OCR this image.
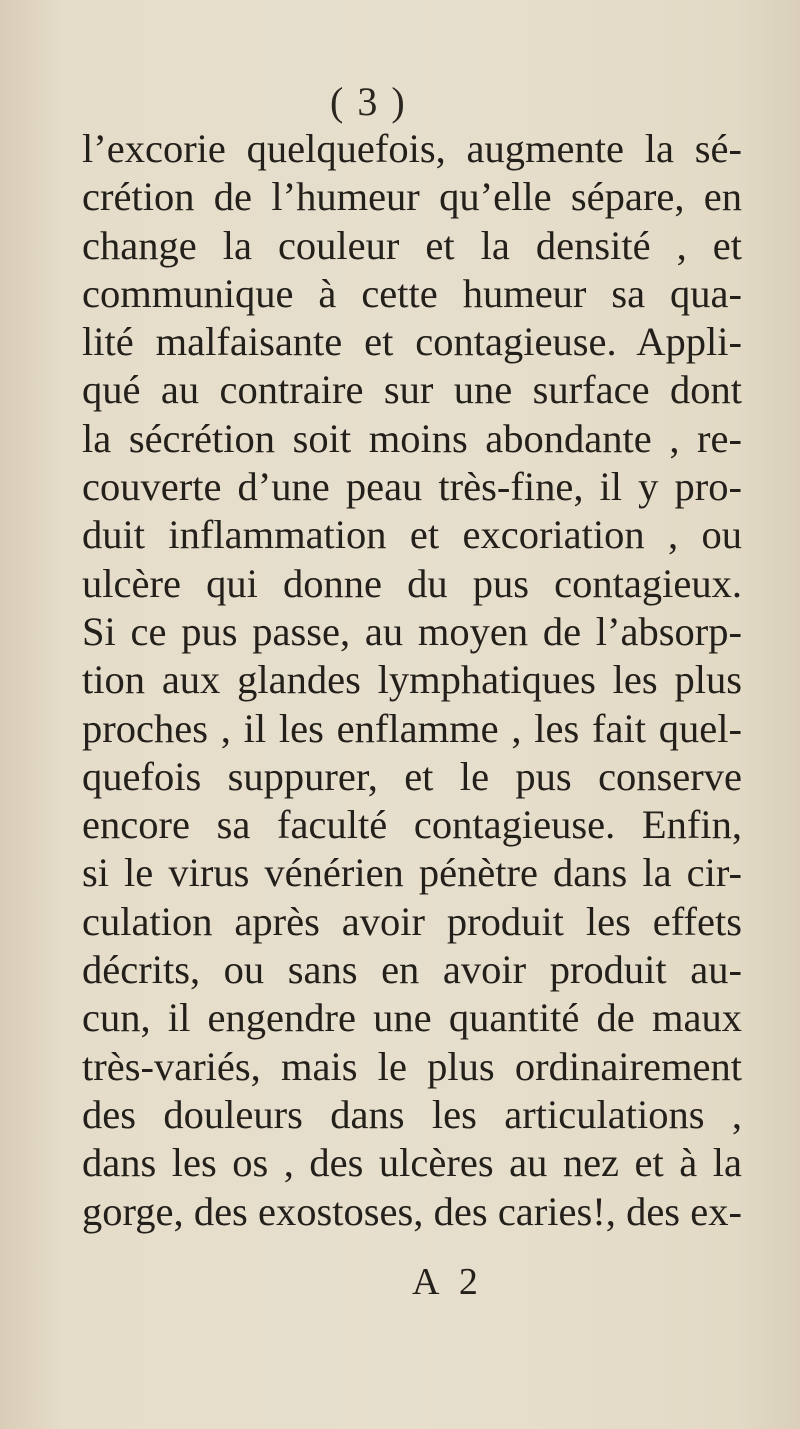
( 3 )
l’excorie quelquefois, augmente la sé-
crétion de l’humeur qu’elle sépare, en
change la couleur et la densité , et
communique à cette humeur sa qua-
lité malfaisante et contagieuse. Appli-
qué au contraire sur une surface dont
la sécrétion soit moins abondante , re-
couverte d’une peau très-fine, il y pro-
duit inflammation et excoriation , ou
ulcère qui donne du pus contagieux.
Si ce pus passe, au moyen de l’absorp-
tion aux glandes lymphatiques les plus
proches , il les enflamme , les fait quel-
quefois suppurer, et le pus conserve
encore sa faculté contagieuse. Enfin,
si le virus vénérien pénètre dans la cir-
culation après avoir produit les effets
décrits, ou sans en avoir produit au-
cun, il engendre une quantité de maux
très-variés, mais le plus ordinairement
des douleurs dans les articulations ,
dans les os , des ulcères au nez et à la
gorge, des exostoses, des caries!, des ex-
A 2
